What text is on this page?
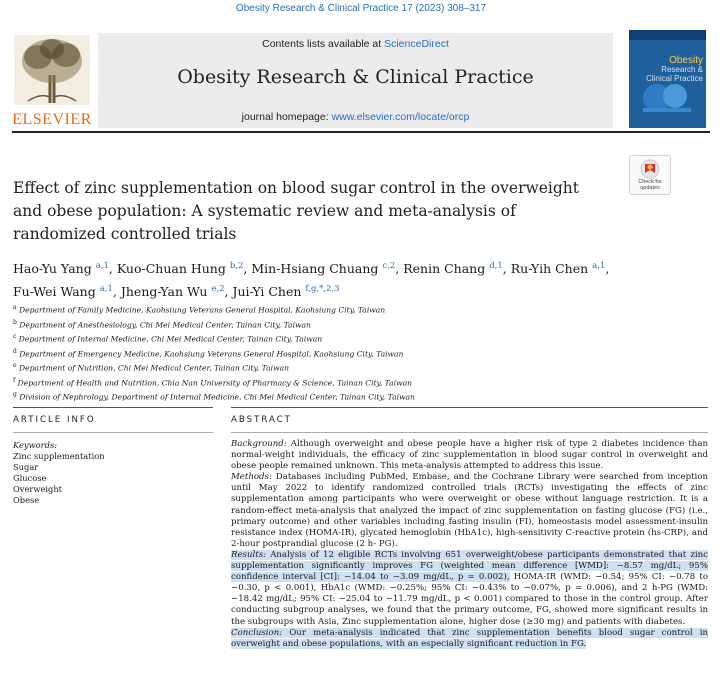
Obesity Research & Clinical Practice 17 (2023) 308–317
ELSEVIER
Contents lists available at ScienceDirect
Obesity Research & Clinical Practice
journal homepage: www.elsevier.com/locate/orcp
Obesity
Research &
Clinical Practice
Check for
updates
Effect of zinc supplementation on blood sugar control in the overweight and obese population: A systematic review and meta-analysis of randomized controlled trials
Hao-Yu Yang $^{a,1}$, Kuo-Chuan Hung $^{b,2}$, Min-Hsiang Chuang $^{c,2}$, Renin Chang $^{d,1}$, Ru-Yih Chen $^{a,1}$,
Fu-Wei Wang $^{a,1}$, Jheng-Yan Wu $^{e,2}$, Jui-Yi Chen $^{f,g,*,2,3}$
$^a$ Department of Family Medicine, Kaohsiung Veterans General Hospital, Kaohsiung City, Taiwan
$^b$ Department of Anesthesiology, Chi Mei Medical Center, Tainan City, Taiwan
$^c$ Department of Internal Medicine, Chi Mei Medical Center, Tainan City, Taiwan
$^d$ Department of Emergency Medicine, Kaohsiung Veterans General Hospital, Kaohsiung City, Taiwan
$^e$ Department of Nutrition, Chi Mei Medical Center, Tainan City, Taiwan
$^f$ Department of Health and Nutrition, Chia Nan University of Pharmacy & Science, Tainan City, Taiwan
$^g$ Division of Nephrology, Department of Internal Medicine, Chi Mei Medical Center, Tainan City, Taiwan
ARTICLE INFO	ABSTRACT
Keywords:
Zinc supplementation
Sugar
Glucose
Overweight
Obese

Background: Although overweight and obese people have a higher risk of type 2 diabetes incidence than normal-weight individuals, the efficacy of zinc supplementation in blood sugar control in overweight and obese people remained unknown. This meta-analysis attempted to address this issue.

Methods: Databases including PubMed, Embase, and the Cochrane Library were searched from inception until May 2022 to identify randomized controlled trials (RCTs) investigating the effects of zinc supplementation among participants who were overweight or obese without language restriction. It is a random-effect meta-analysis that analyzed the impact of zinc supplementation on fasting glucose (FG) (i.e., primary outcome) and other variables including fasting insulin (FI), homeostasis model assessment-insulin resistance index (HOMA-IR), glycated hemoglobin (HbA1c), high-sensitivity C-reactive protein (hs-CRP), and 2-hour postprandial glucose (2 h- PG).

Results: Analysis of 12 eligible RCTs involving 651 overweight/obese participants demonstrated that zinc supplementation significantly improves FG (weighted mean difference [WMD]: −8.57 mg/dL; 95% confidence interval [CI]: −14.04 to −3.09 mg/dL, p = 0.002), HOMA-IR (WMD: −0.54; 95% CI: −0.78 to −0.30, p < 0.001), HbA1c (WMD: −0.25%; 95% CI: −0.43% to −0.07%, p = 0.006), and 2 h-PG (WMD: −18.42 mg/dL; 95% CI: −25.04 to −11.79 mg/dL, p < 0.001) compared to those in the control group. After conducting subgroup analyses, we found that the primary outcome, FG, showed more significant results in the subgroups with Asia, Zinc supplementation alone, higher dose (≥30 mg) and patients with diabetes.

Conclusion: Our meta-analysis indicated that zinc supplementation benefits blood sugar control in overweight and obese populations, with an especially significant reduction in FG.
